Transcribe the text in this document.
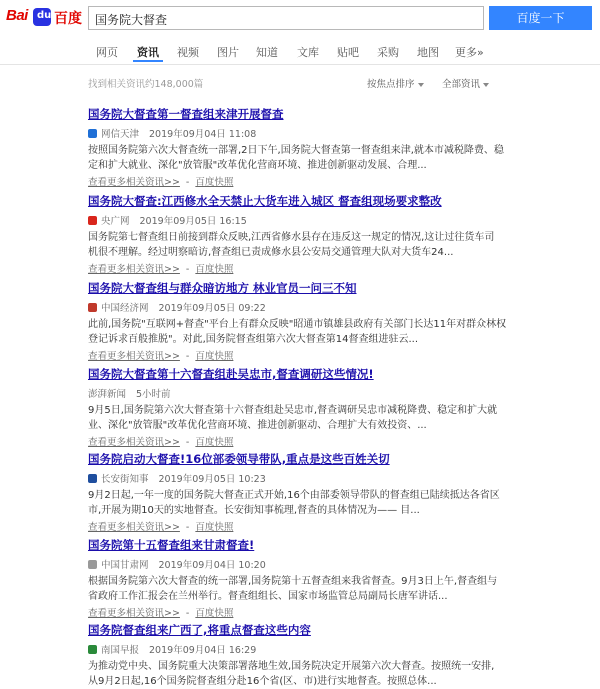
Bai du 百度	国务院大督查	百度一下
网页 资讯 视频 图片 知道 文库 贴吧 采购 地图 更多»
找到相关资讯约148,000篇	按焦点排序	全部资讯
国务院大督查第一督查组来津开展督查
网信天津 2019年09月04日 11:08
按照国务院第六次大督查统一部署,2日下午,国务院大督查第一督查组来津,就本市减税降费、稳
定和扩大就业、深化"放管服"改革优化营商环境、推进创新驱动发展、合理...
查看更多相关资讯>> - 百度快照
国务院大督查:江西修水全天禁止大货车进入城区 督查组现场要求整改
央广网 2019年09月05日 16:15
国务院第七督查组日前接到群众反映,江西省修水县存在违反这一规定的情况,这让过往货车司
机很不理解。经过明察暗访,督查组已责成修水县公安局交通管理大队对大货车24...
查看更多相关资讯>> - 百度快照
国务院大督查组与群众暗访地方 林业官员一问三不知
中国经济网 2019年09月05日 09:22
此前,国务院"互联网+督查"平台上有群众反映"昭通市镇雄县政府有关部门长达11年对群众林权
登记诉求百般推脱"。对此,国务院督查组第六次大督查第14督查组进驻云...
查看更多相关资讯>> - 百度快照
国务院大督查第十六督查组赴吴忠市,督查调研这些情况!
澎湃新闻 5小时前
9月5日,国务院第六次大督查第十六督查组赴吴忠市,督查调研吴忠市减税降费、稳定和扩大就
业、深化"放管服"改革优化营商环境、推进创新驱动、合理扩大有效投资、...
查看更多相关资讯>> - 百度快照
国务院启动大督查!16位部委领导带队,重点是这些百姓关切
长安街知事 2019年09月05日 10:23
9月2日起,一年一度的国务院大督查正式开始,16个由部委领导带队的督查组已陆续抵达各省区
市,开展为期10天的实地督查。长安街知事梳理,督查的具体情况为—— 目...
查看更多相关资讯>> - 百度快照
国务院第十五督查组来甘肃督查!
中国甘肃网 2019年09月04日 10:20
根据国务院第六次大督查的统一部署,国务院第十五督查组来我省督查。9月3日上午,督查组与
省政府工作汇报会在兰州举行。督查组组长、国家市场监管总局副局长唐军讲话...
查看更多相关资讯>> - 百度快照
国务院督查组来广西了,将重点督查这些内容
南国早报 2019年09月04日 16:29
为推动党中央、国务院重大决策部署落地生效,国务院决定开展第六次大督查。按照统一安排,
从9月2日起,16个国务院督查组分赴16个省(区、市)进行实地督查。按照总体...
